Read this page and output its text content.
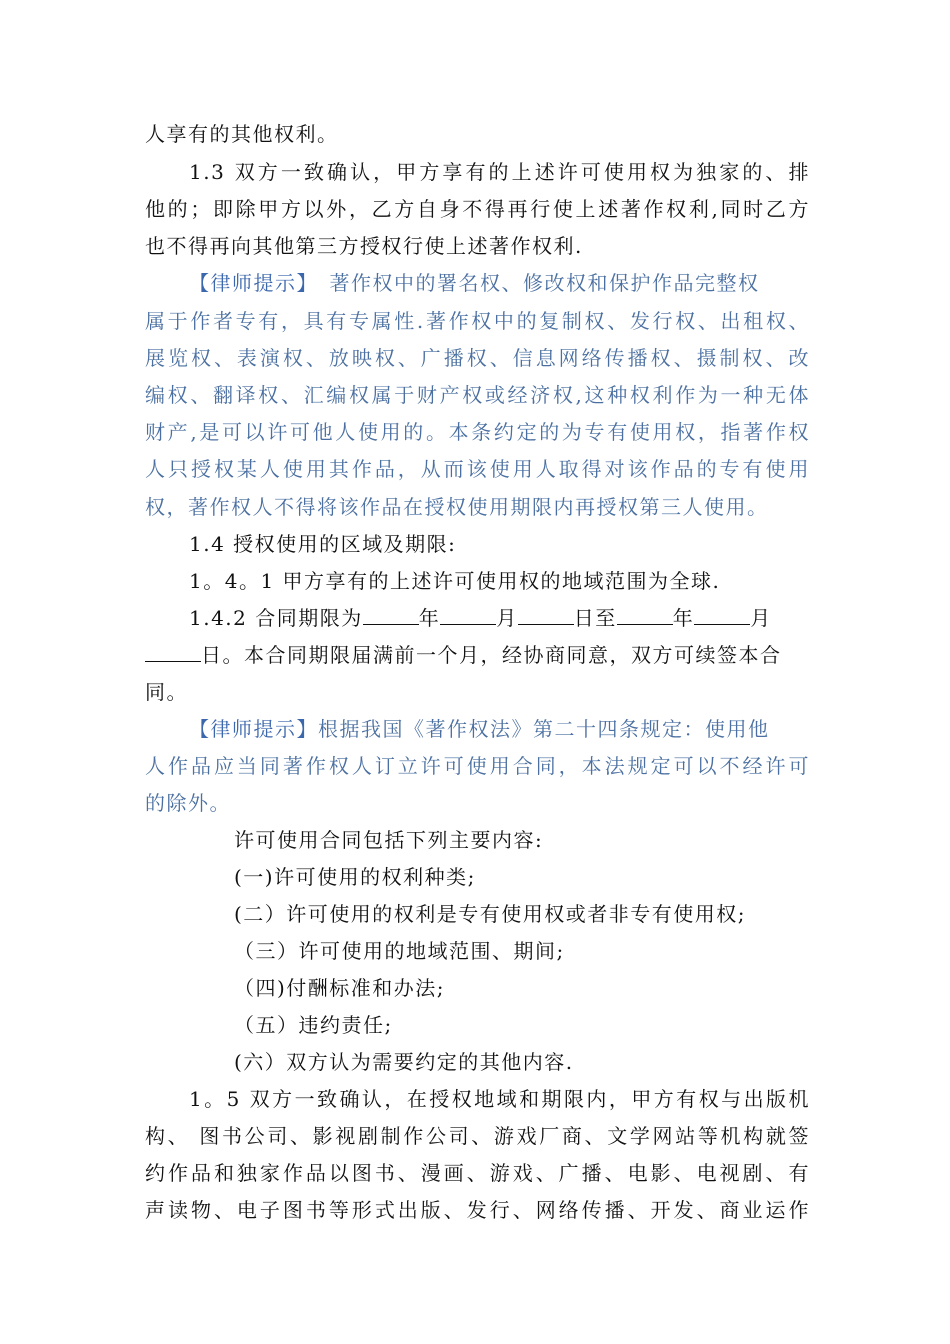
人享有的其他权利。
1.3 双方一致确认，甲方享有的上述许可使用权为独家的、排
他的；即除甲方以外，乙方自身不得再行使上述著作权利,同时乙方
也不得再向其他第三方授权行使上述著作权利.
【律师提示】　著作权中的署名权、修改权和保护作品完整权
属于作者专有，具有专属性.著作权中的复制权、发行权、出租权、
展览权、表演权、放映权、广播权、信息网络传播权、摄制权、改
编权、翻译权、汇编权属于财产权或经济权,这种权利作为一种无体
财产,是可以许可他人使用的。本条约定的为专有使用权，指著作权
人只授权某人使用其作品，从而该使用人取得对该作品的专有使用
权，著作权人不得将该作品在授权使用期限内再授权第三人使用。
1.4 授权使用的区域及期限:
1。4。1 甲方享有的上述许可使用权的地域范围为全球.
1.4.2 合同期限为	年	月	日至	年	月
日。本合同期限届满前一个月，经协商同意，双方可续签本合
同。
【律师提示】根据我国《著作权法》第二十四条规定：使用他
人作品应当同著作权人订立许可使用合同，本法规定可以不经许可
的除外。
许可使用合同包括下列主要内容:
(一)许可使用的权利种类;
(二）许可使用的权利是专有使用权或者非专有使用权;
（三）许可使用的地域范围、期间;
（四)付酬标准和办法;
（五）违约责任;
(六）双方认为需要约定的其他内容.
1。5 双方一致确认，在授权地域和期限内，甲方有权与出版机
构、 图书公司、影视剧制作公司、游戏厂商、文学网站等机构就签
约作品和独家作品以图书、漫画、游戏、广播、电影、电视剧、有
声读物、电子图书等形式出版、发行、网络传播、开发、商业运作
